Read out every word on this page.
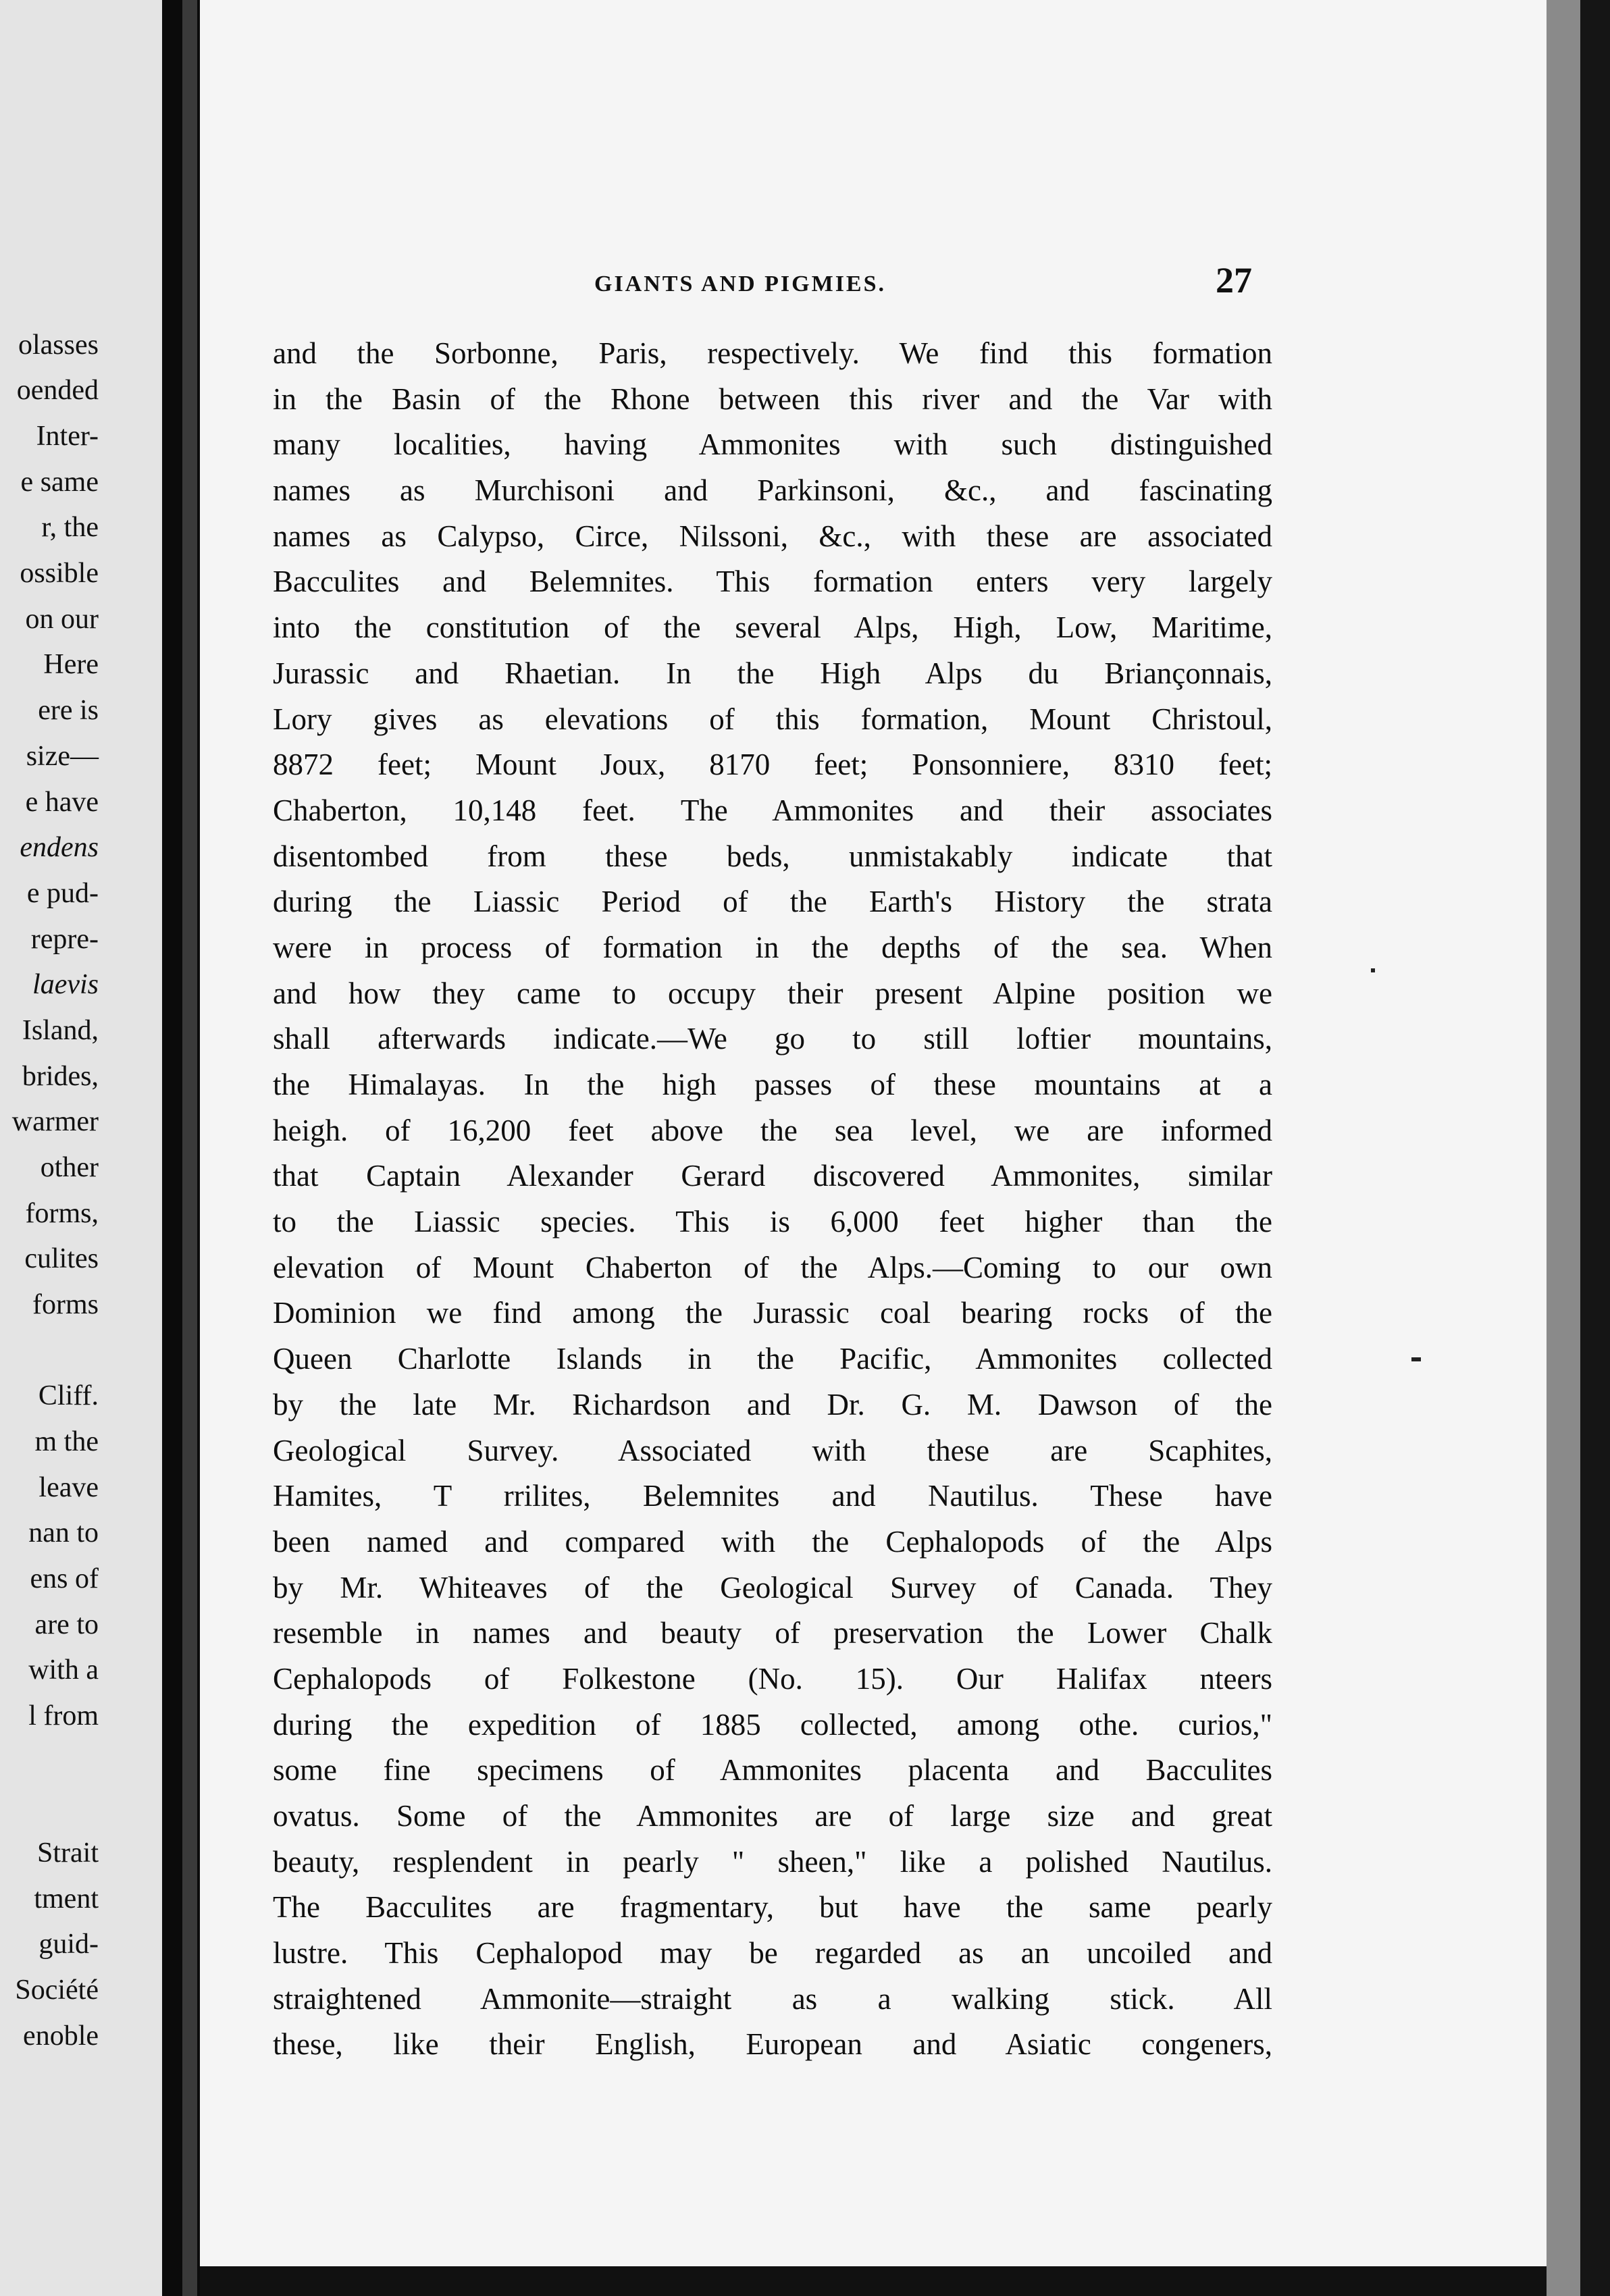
olasses
oended
Inter-
e same
r, the
ossible
on our
Here
ere is
size—
e have
endens
e pud-
repre-
laevis
Island,
brides,
warmer
other
forms,
culites
forms
Cliff.
m the
leave
nan to
ens of
are to
with a
l from
Strait
tment
guid-
Société
enoble
GIANTS AND PIGMIES.	27
and the Sorbonne, Paris, respectively. We find this formation
in the Basin of the Rhone between this river and the Var with
many localities, having Ammonites with such distinguished
names as Murchisoni and Parkinsoni, &c., and fascinating
names as Calypso, Circe, Nilssoni, &c., with these are associated
Bacculites and Belemnites. This formation enters very largely
into the constitution of the several Alps, High, Low, Maritime,
Jurassic and Rhaetian. In the High Alps du Briançonnais,
Lory gives as elevations of this formation, Mount Christoul,
8872 feet; Mount Joux, 8170 feet; Ponsonniere, 8310 feet;
Chaberton, 10,148 feet. The Ammonites and their associates
disentombed from these beds, unmistakably indicate that
during the Liassic Period of the Earth's History the strata
were in process of formation in the depths of the sea. When
and how they came to occupy their present Alpine position we
shall afterwards indicate.—We go to still loftier mountains,
the Himalayas. In the high passes of these mountains at a
heigh. of 16,200 feet above the sea level, we are informed
that Captain Alexander Gerard discovered Ammonites, similar
to the Liassic species. This is 6,000 feet higher than the
elevation of Mount Chaberton of the Alps.—Coming to our own
Dominion we find among the Jurassic coal bearing rocks of the
Queen Charlotte Islands in the Pacific, Ammonites collected
by the late Mr. Richardson and Dr. G. M. Dawson of the
Geological Survey. Associated with these are Scaphites,
Hamites, T rrilites, Belemnites and Nautilus. These have
been named and compared with the Cephalopods of the Alps
by Mr. Whiteaves of the Geological Survey of Canada. They
resemble in names and beauty of preservation the Lower Chalk
Cephalopods of Folkestone (No. 15). Our Halifax nteers
during the expedition of 1885 collected, among othe. curios,"
some fine specimens of Ammonites placenta and Bacculites
ovatus. Some of the Ammonites are of large size and great
beauty, resplendent in pearly " sheen," like a polished Nautilus.
The Bacculites are fragmentary, but have the same pearly
lustre. This Cephalopod may be regarded as an uncoiled and
straightened Ammonite—straight as a walking stick. All
these, like their English, European and Asiatic congeners,
